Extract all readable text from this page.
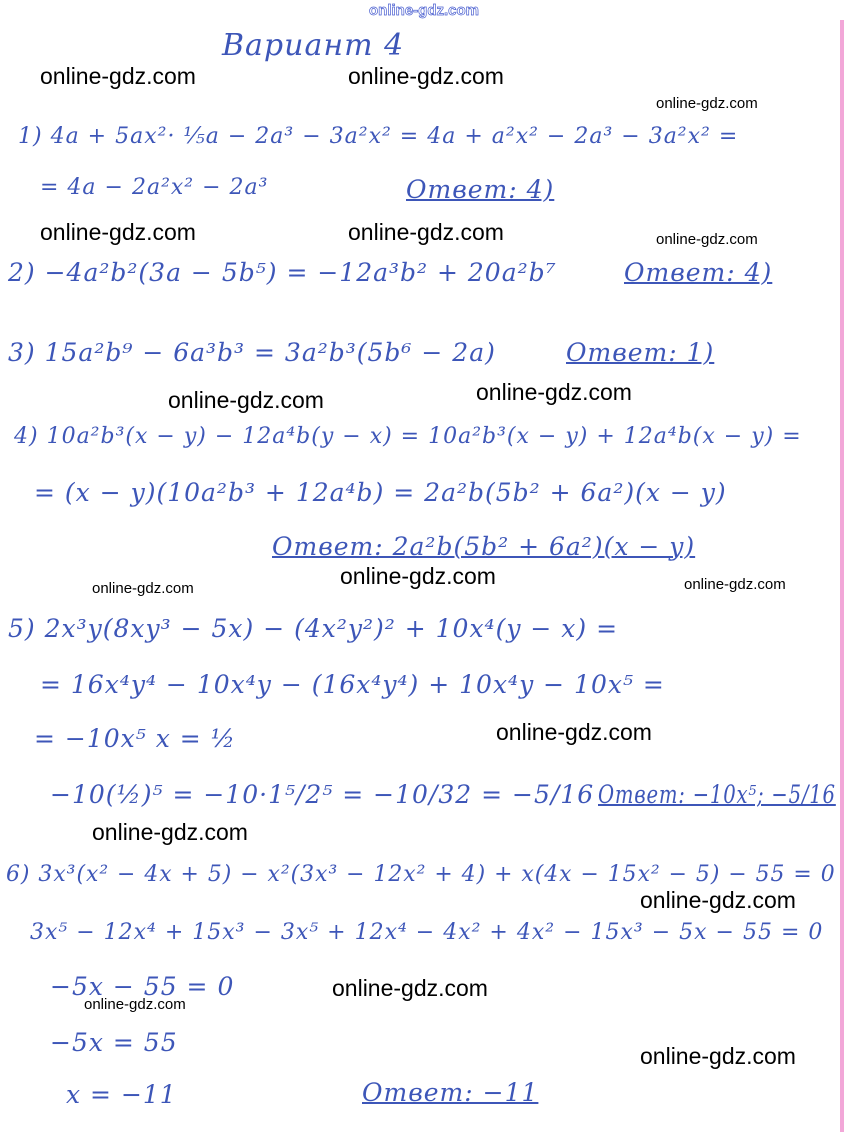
online-gdz.com
Вариант 4
online-gdz.com	online-gdz.com
online-gdz.com
online-gdz.com	online-gdz.com	online-gdz.com
online-gdz.com
online-gdz.com
online-gdz.com
online-gdz.com	online-gdz.com
online-gdz.com
online-gdz.com
online-gdz.com
online-gdz.com
online-gdz.com
online-gdz.com
1) 4a + 5ax²· ⅕a − 2a³ − 3a²x² = 4a + a²x² − 2a³ − 3a²x² =
= 4a − 2a²x² − 2a³	Ответ: 4)
2) −4a²b²(3a − 5b⁵) = −12a³b² + 20a²b⁷	Ответ: 4)
3) 15a²b⁹ − 6a³b³ = 3a²b³(5b⁶ − 2a)	Ответ: 1)
4) 10a²b³(x − y) − 12a⁴b(y − x) = 10a²b³(x − y) + 12a⁴b(x − y) =
= (x − y)(10a²b³ + 12a⁴b) = 2a²b(5b² + 6a²)(x − y)
Ответ: 2a²b(5b² + 6a²)(x − y)
5) 2x³y(8xy³ − 5x) − (4x²y²)² + 10x⁴(y − x) =
= 16x⁴y⁴ − 10x⁴y − (16x⁴y⁴) + 10x⁴y − 10x⁵ =
= −10x⁵ x = ½
−10(½)⁵ = −10·1⁵/2⁵ = −10/32 = −5/16 Ответ: −10x⁵; −5/16
6) 3x³(x² − 4x + 5) − x²(3x³ − 12x² + 4) + x(4x − 15x² − 5) − 55 = 0
3x⁵ − 12x⁴ + 15x³ − 3x⁵ + 12x⁴ − 4x² + 4x² − 15x³ − 5x − 55 = 0
−5x − 55 = 0
−5x = 55
x = −11	Ответ: −11
